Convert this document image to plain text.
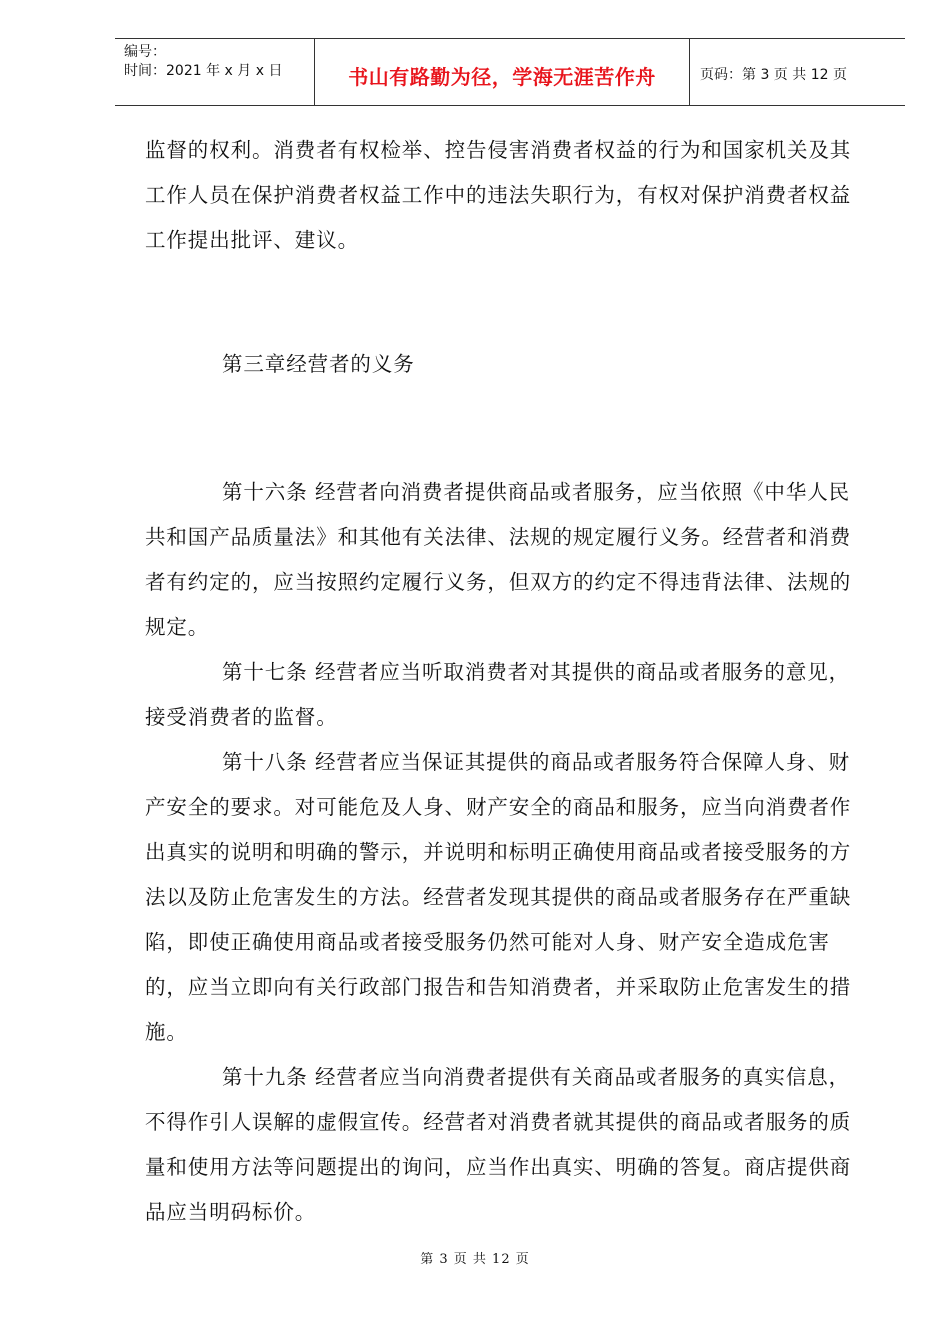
编号：
时间：2021 年 x 月 x 日	书山有路勤为径，学海无涯苦作舟	页码：第 3 页 共 12 页

监督的权利。消费者有权检举、控告侵害消费者权益的行为和国家机关及其工作人员在保护消费者权益工作中的违法失职行为，有权对保护消费者权益工作提出批评、建议。

第三章经营者的义务

第十六条 经营者向消费者提供商品或者服务，应当依照《中华人民共和国产品质量法》和其他有关法律、法规的规定履行义务。经营者和消费者有约定的，应当按照约定履行义务，但双方的约定不得违背法律、法规的规定。

第十七条 经营者应当听取消费者对其提供的商品或者服务的意见，接受消费者的监督。

第十八条 经营者应当保证其提供的商品或者服务符合保障人身、财产安全的要求。对可能危及人身、财产安全的商品和服务，应当向消费者作出真实的说明和明确的警示，并说明和标明正确使用商品或者接受服务的方法以及防止危害发生的方法。经营者发现其提供的商品或者服务存在严重缺陷，即使正确使用商品或者接受服务仍然可能对人身、财产安全造成危害的，应当立即向有关行政部门报告和告知消费者，并采取防止危害发生的措施。

第十九条 经营者应当向消费者提供有关商品或者服务的真实信息，不得作引人误解的虚假宣传。经营者对消费者就其提供的商品或者服务的质量和使用方法等问题提出的询问，应当作出真实、明确的答复。商店提供商品应当明码标价。

第 3 页 共 12 页
